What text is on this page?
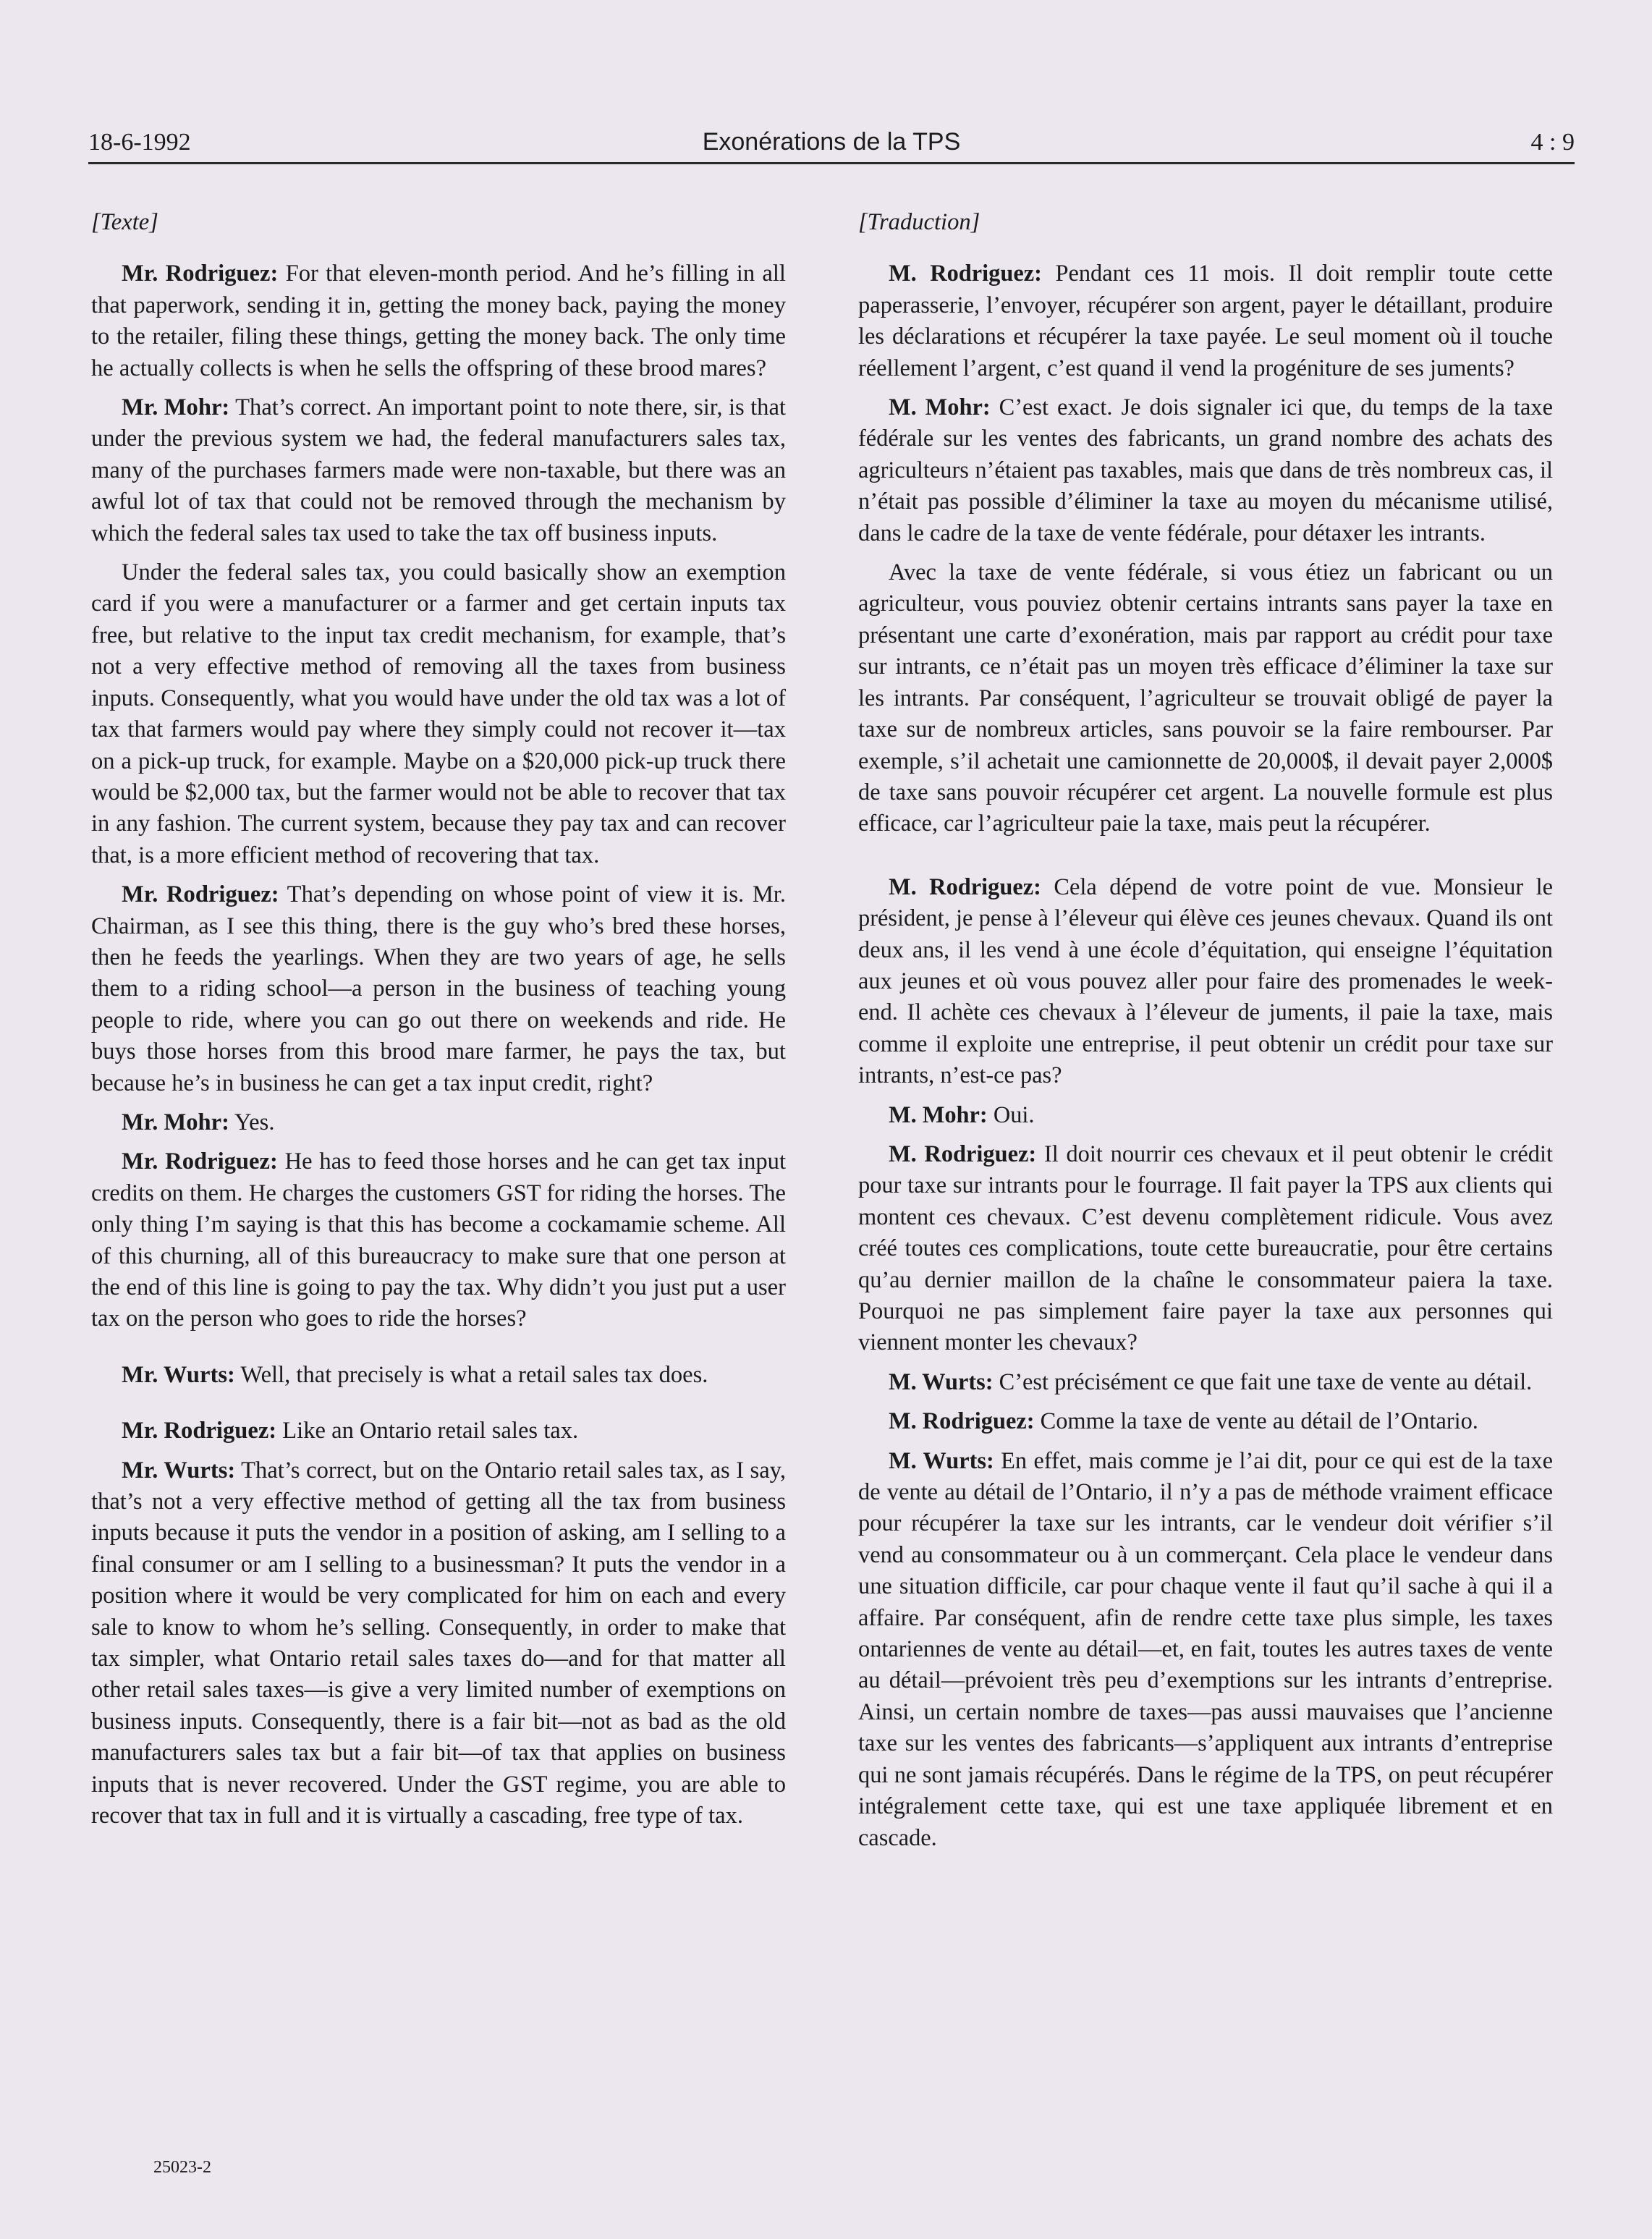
18-6-1992	Exonérations de la TPS	4 : 9
[Texte]

Mr. Rodriguez: For that eleven-month period. And he’s filling in all that paperwork, sending it in, getting the money back, paying the money to the retailer, filing these things, getting the money back. The only time he actually collects is when he sells the offspring of these brood mares?

Mr. Mohr: That’s correct. An important point to note there, sir, is that under the previous system we had, the federal manufacturers sales tax, many of the purchases farmers made were non-taxable, but there was an awful lot of tax that could not be removed through the mechanism by which the federal sales tax used to take the tax off business inputs.

Under the federal sales tax, you could basically show an exemption card if you were a manufacturer or a farmer and get certain inputs tax free, but relative to the input tax credit mechanism, for example, that’s not a very effective method of removing all the taxes from business inputs. Consequently, what you would have under the old tax was a lot of tax that farmers would pay where they simply could not recover it—tax on a pick-up truck, for example. Maybe on a $20,000 pick-up truck there would be $2,000 tax, but the farmer would not be able to recover that tax in any fashion. The current system, because they pay tax and can recover that, is a more efficient method of recovering that tax.

Mr. Rodriguez: That’s depending on whose point of view it is. Mr. Chairman, as I see this thing, there is the guy who’s bred these horses, then he feeds the yearlings. When they are two years of age, he sells them to a riding school—a person in the business of teaching young people to ride, where you can go out there on weekends and ride. He buys those horses from this brood mare farmer, he pays the tax, but because he’s in business he can get a tax input credit, right?

Mr. Mohr: Yes.

Mr. Rodriguez: He has to feed those horses and he can get tax input credits on them. He charges the customers GST for riding the horses. The only thing I’m saying is that this has become a cockamamie scheme. All of this churning, all of this bureaucracy to make sure that one person at the end of this line is going to pay the tax. Why didn’t you just put a user tax on the person who goes to ride the horses?

Mr. Wurts: Well, that precisely is what a retail sales tax does.

Mr. Rodriguez: Like an Ontario retail sales tax.

Mr. Wurts: That’s correct, but on the Ontario retail sales tax, as I say, that’s not a very effective method of getting all the tax from business inputs because it puts the vendor in a position of asking, am I selling to a final consumer or am I selling to a businessman? It puts the vendor in a position where it would be very complicated for him on each and every sale to know to whom he’s selling. Consequently, in order to make that tax simpler, what Ontario retail sales taxes do—and for that matter all other retail sales taxes—is give a very limited number of exemptions on business inputs. Consequently, there is a fair bit—not as bad as the old manufacturers sales tax but a fair bit—of tax that applies on business inputs that is never recovered. Under the GST regime, you are able to recover that tax in full and it is virtually a cascading, free type of tax.

[Traduction]

M. Rodriguez: Pendant ces 11 mois. Il doit remplir toute cette paperasserie, l’envoyer, récupérer son argent, payer le détaillant, produire les déclarations et récupérer la taxe payée. Le seul moment où il touche réellement l’argent, c’est quand il vend la progéniture de ses juments?

M. Mohr: C’est exact. Je dois signaler ici que, du temps de la taxe fédérale sur les ventes des fabricants, un grand nombre des achats des agriculteurs n’étaient pas taxables, mais que dans de très nombreux cas, il n’était pas possible d’éliminer la taxe au moyen du mécanisme utilisé, dans le cadre de la taxe de vente fédérale, pour détaxer les intrants.

Avec la taxe de vente fédérale, si vous étiez un fabricant ou un agriculteur, vous pouviez obtenir certains intrants sans payer la taxe en présentant une carte d’exonération, mais par rapport au crédit pour taxe sur intrants, ce n’était pas un moyen très efficace d’éliminer la taxe sur les intrants. Par conséquent, l’agriculteur se trouvait obligé de payer la taxe sur de nombreux articles, sans pouvoir se la faire rembourser. Par exemple, s’il achetait une camionnette de 20,000$, il devait payer 2,000$ de taxe sans pouvoir récupérer cet argent. La nouvelle formule est plus efficace, car l’agriculteur paie la taxe, mais peut la récupérer.

M. Rodriguez: Cela dépend de votre point de vue. Monsieur le président, je pense à l’éleveur qui élève ces jeunes chevaux. Quand ils ont deux ans, il les vend à une école d’équitation, qui enseigne l’équitation aux jeunes et où vous pouvez aller pour faire des promenades le week-end. Il achète ces chevaux à l’éleveur de juments, il paie la taxe, mais comme il exploite une entreprise, il peut obtenir un crédit pour taxe sur intrants, n’est-ce pas?

M. Mohr: Oui.

M. Rodriguez: Il doit nourrir ces chevaux et il peut obtenir le crédit pour taxe sur intrants pour le fourrage. Il fait payer la TPS aux clients qui montent ces chevaux. C’est devenu complètement ridicule. Vous avez créé toutes ces complications, toute cette bureaucratie, pour être certains qu’au dernier maillon de la chaîne le consommateur paiera la taxe. Pourquoi ne pas simplement faire payer la taxe aux personnes qui viennent monter les chevaux?

M. Wurts: C’est précisément ce que fait une taxe de vente au détail.

M. Rodriguez: Comme la taxe de vente au détail de l’Ontario.

M. Wurts: En effet, mais comme je l’ai dit, pour ce qui est de la taxe de vente au détail de l’Ontario, il n’y a pas de méthode vraiment efficace pour récupérer la taxe sur les intrants, car le vendeur doit vérifier s’il vend au consommateur ou à un commerçant. Cela place le vendeur dans une situation difficile, car pour chaque vente il faut qu’il sache à qui il a affaire. Par conséquent, afin de rendre cette taxe plus simple, les taxes ontariennes de vente au détail—et, en fait, toutes les autres taxes de vente au détail—prévoient très peu d’exemptions sur les intrants d’entreprise. Ainsi, un certain nombre de taxes—pas aussi mauvaises que l’ancienne taxe sur les ventes des fabricants—s’appliquent aux intrants d’entreprise qui ne sont jamais récupérés. Dans le régime de la TPS, on peut récupérer intégralement cette taxe, qui est une taxe appliquée librement et en cascade.

25023-2
